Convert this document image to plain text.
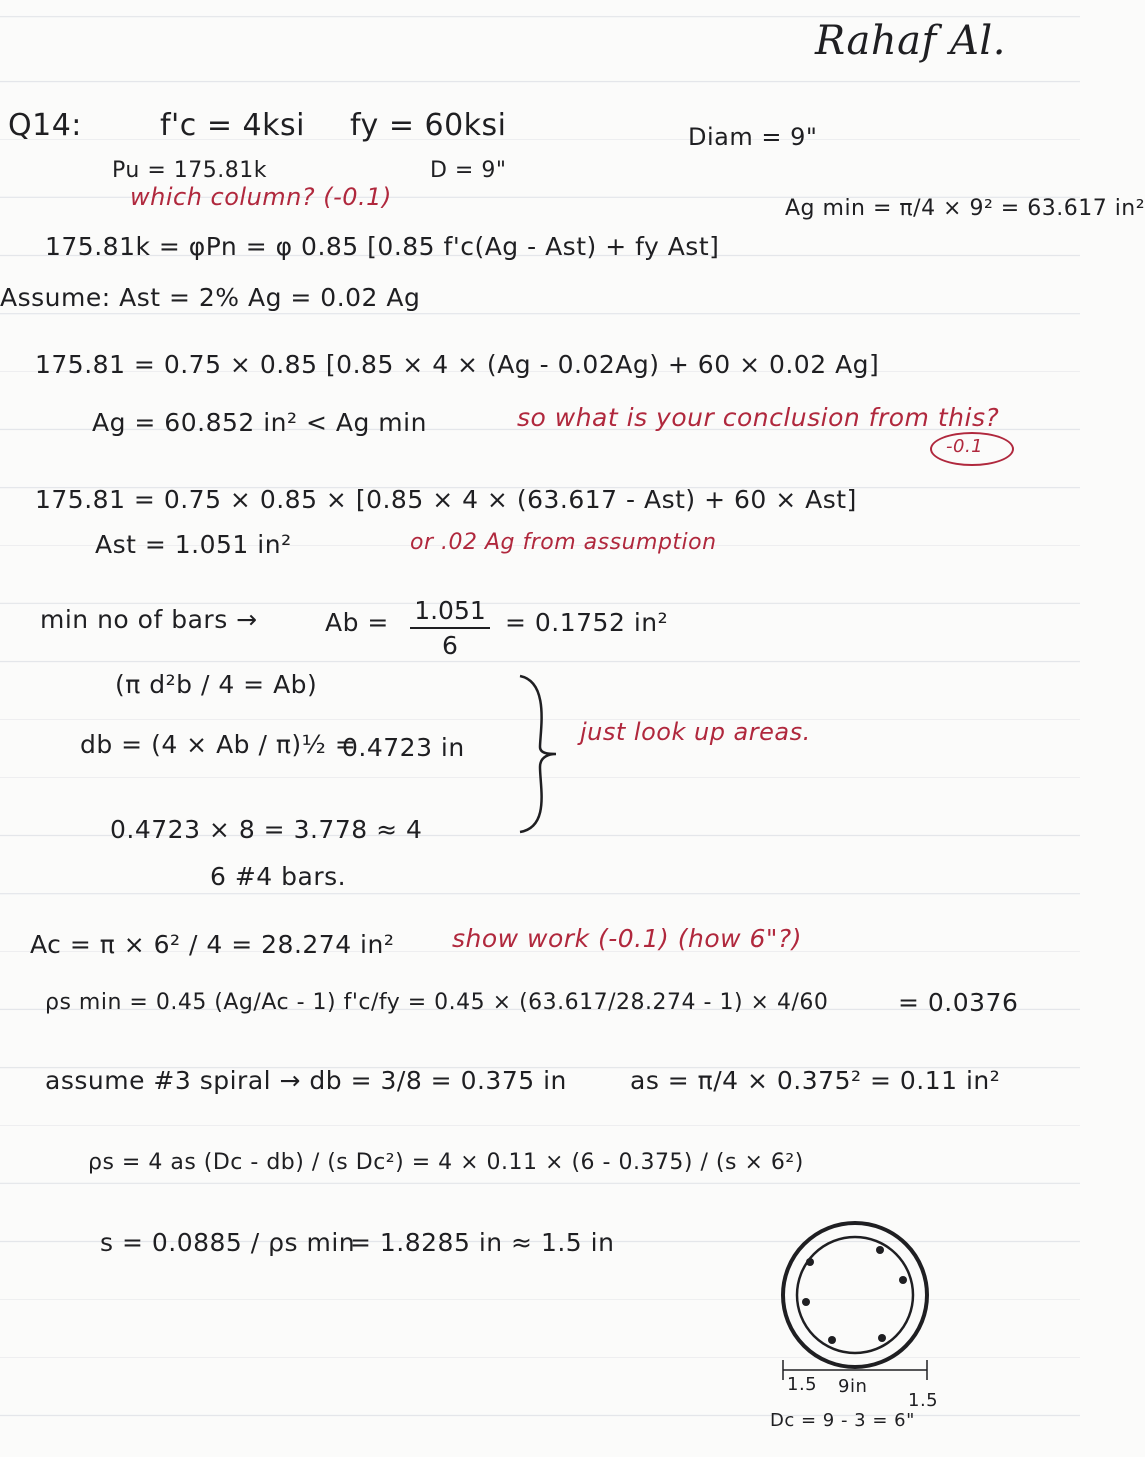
Rahaf Al.
Q14:	f'c = 4ksi fy = 60ksi	Diam = 9"
Pu = 175.81k	D = 9"
which column? (-0.1)	Ag min = π/4 × 9² = 63.617 in²
175.81k = φPn = φ 0.85 [0.85 f'c(Ag - Ast) + fy Ast]
Assume: Ast = 2% Ag = 0.02 Ag
175.81 = 0.75 × 0.85 [0.85 × 4 × (Ag - 0.02Ag) + 60 × 0.02 Ag]
Ag = 60.852 in² < Ag min	so what is your conclusion from this?
-0.1
175.81 = 0.75 × 0.85 × [0.85 × 4 × (63.617 - Ast) + 60 × Ast]
Ast = 1.051 in²	or .02 Ag from assumption
min no of bars →	Ab = 1.051
6
= 0.1752 in²
(π d²b / 4 = Ab)
db = (4 × Ab / π)½ =
0.4723 in
just look up areas.
0.4723 × 8 = 3.778 ≈ 4
6 #4 bars.
Ac = π × 6² / 4 = 28.274 in² show work (-0.1) (how 6"?)
ρs min = 0.45 (Ag/Ac - 1) f'c/fy = 0.45 × (63.617/28.274 - 1) × 4/60	= 0.0376
assume #3 spiral → db = 3/8 = 0.375 in	as = π/4 × 0.375² = 0.11 in²
ρs = 4 as (Dc - db) / (s Dc²) = 4 × 0.11 × (6 - 0.375) / (s × 6²)
s = 0.0885 / ρs min
= 1.8285 in ≈ 1.5 in
1.5 9in
1.5
Dc = 9 - 3 = 6"
